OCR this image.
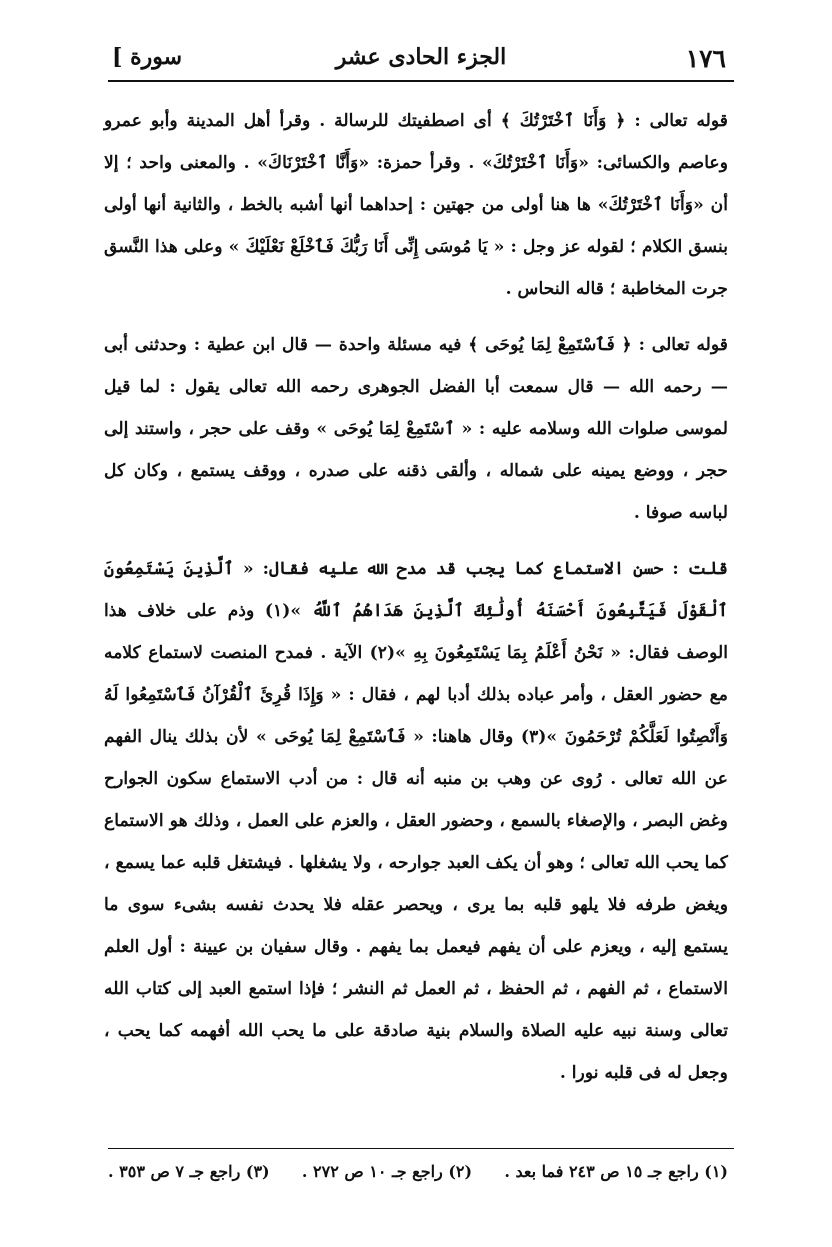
١٧٦
الجزء الحادى عشر
[ سورة

قوله تعالى : ﴿ وَأَنَا ٱخْتَرْتُكَ ﴾ أى اصطفيتك للرسالة . وقرأ أهل المدينة وأبو عمرو وعاصم والكسائى: «وَأَنَا ٱخْتَرْتُكَ» . وقرأ حمزة: «وَأَنَّا ٱخْتَرْنَاكَ» . والمعنى واحد ؛ إلا أن «وَأَنَا ٱخْتَرْتُكَ» ها هنا أولى من جهتين : إحداهما أنها أشبه بالخط ، والثانية أنها أولى بنسق الكلام ؛ لقوله عز وجل : « يَا مُوسَى إِنِّى أَنَا رَبُّكَ فَٱخْلَعْ نَعْلَيْكَ » وعلى هذا النَّسق جرت المخاطبة ؛ قاله النحاس .

قوله تعالى : ﴿ فَٱسْتَمِعْ لِمَا يُوحَى ﴾ فيه مسئلة واحدة — قال ابن عطية : وحدثنى أبى — رحمه الله — قال سمعت أبا الفضل الجوهرى رحمه الله تعالى يقول : لما قيل لموسى صلوات الله وسلامه عليه : « ٱسْتَمِعْ لِمَا يُوحَى » وقف على حجر ، واستند إلى حجر ، ووضع يمينه على شماله ، وألقى ذقنه على صدره ، ووقف يستمع ، وكان كل لباسه صوفا .

قلت : حسن الاستماع كما يجب قد مدح الله عليه فقال: « ٱلَّذِينَ يَسْتَمِعُونَ ٱلْقَوْلَ فَيَتَّبِعُونَ أَحْسَنَهُ أُولَٰئِكَ ٱلَّذِينَ هَدَاهُمُ ٱللَّهُ »(١) وذم على خلاف هذا الوصف فقال: « نَحْنُ أَعْلَمُ بِمَا يَسْتَمِعُونَ بِهِ »(٢) الآية . فمدح المنصت لاستماع كلامه مع حضور العقل ، وأمر عباده بذلك أدبا لهم ، فقال : « وَإِذَا قُرِئَ ٱلْقُرْآنُ فَٱسْتَمِعُوا لَهُ وَأَنْصِتُوا لَعَلَّكُمْ تُرْحَمُونَ »(٣) وقال هاهنا: « فَٱسْتَمِعْ لِمَا يُوحَى » لأن بذلك ينال الفهم عن الله تعالى . رُوى عن وهب بن منبه أنه قال : من أدب الاستماع سكون الجوارح وغض البصر ، والإصغاء بالسمع ، وحضور العقل ، والعزم على العمل ، وذلك هو الاستماع كما يحب الله تعالى ؛ وهو أن يكف العبد جوارحه ، ولا يشغلها . فيشتغل قلبه عما يسمع ، ويغض طرفه فلا يلهو قلبه بما يرى ، ويحصر عقله فلا يحدث نفسه بشىء سوى ما يستمع إليه ، ويعزم على أن يفهم فيعمل بما يفهم . وقال سفيان بن عيينة : أول العلم الاستماع ، ثم الفهم ، ثم الحفظ ، ثم العمل ثم النشر ؛ فإذا استمع العبد إلى كتاب الله تعالى وسنة نبيه عليه الصلاة والسلام بنية صادقة على ما يحب الله أفهمه كما يحب ، وجعل له فى قلبه نورا .

(١) راجع جـ ١٥ ص ٢٤٣ فما بعد .
(٢) راجع جـ ١٠ ص ٢٧٢ .
(٣) راجع جـ ٧ ص ٣٥٣ .
